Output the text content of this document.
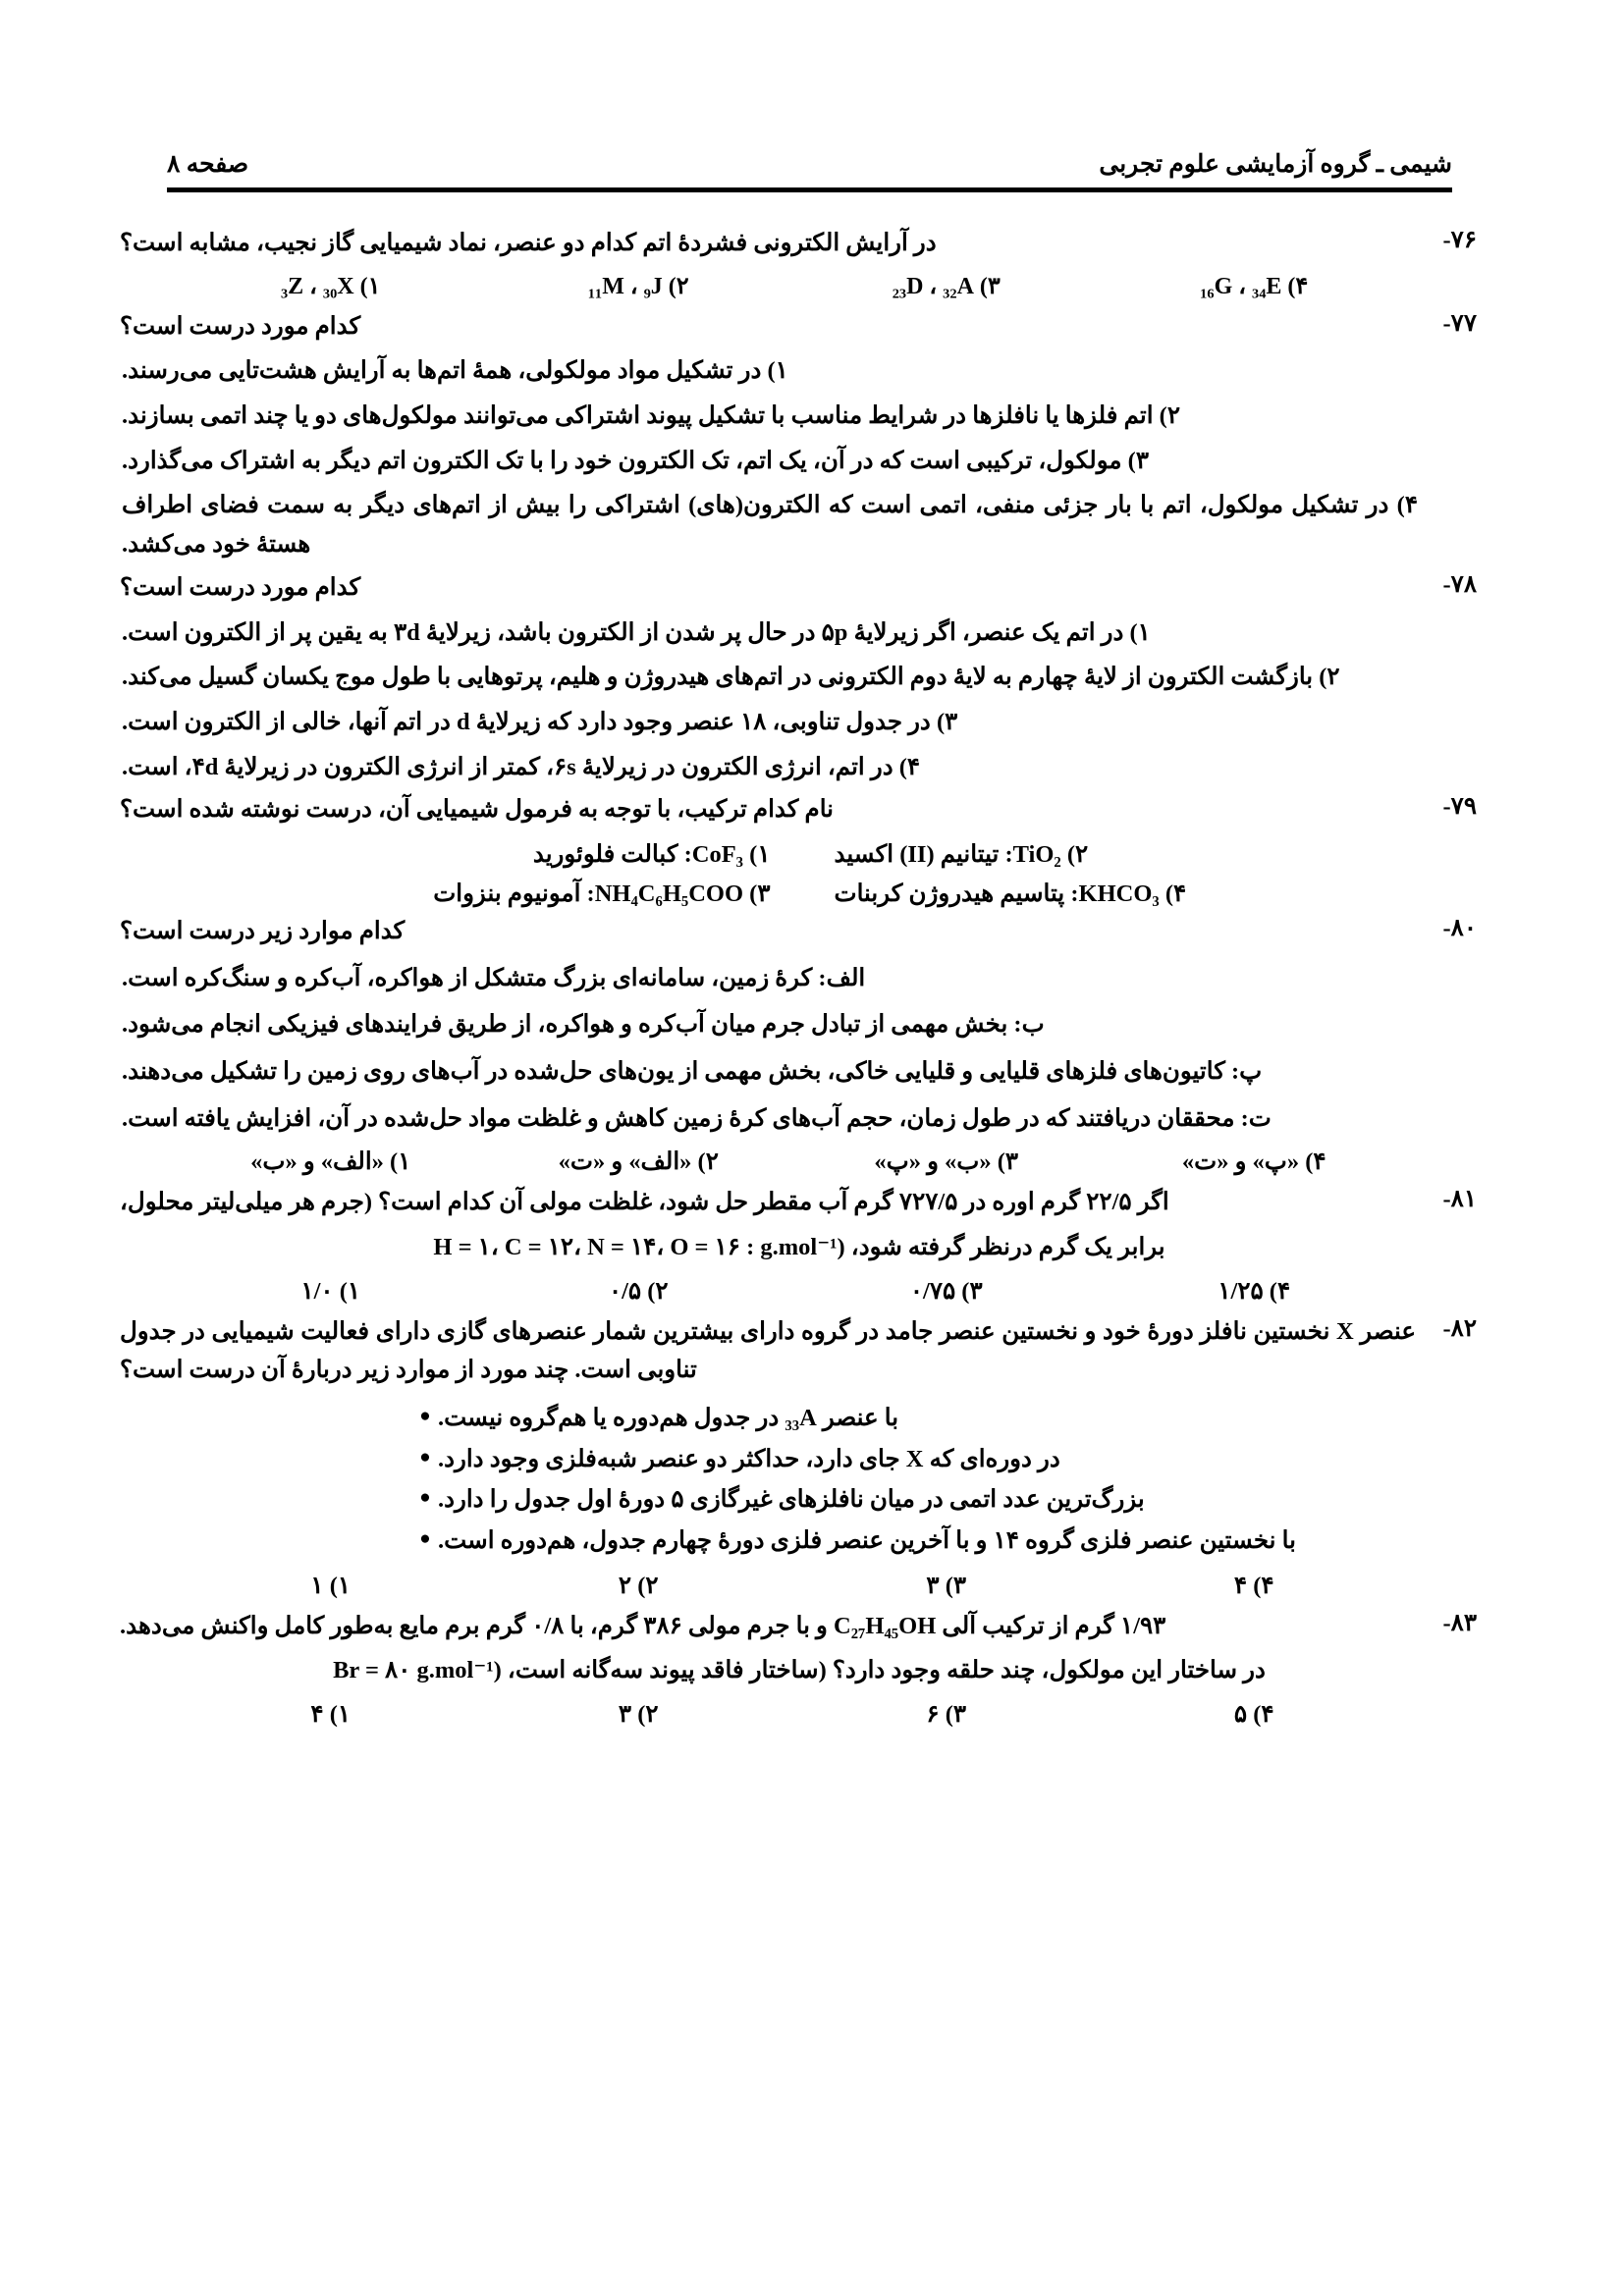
شیمی ـ گروه آزمایشی علوم تجربی
صفحه ۸
۷۶-
در آرایش الکترونی فشردهٔ اتم کدام دو عنصر، نماد شیمیایی گاز نجیب، مشابه است؟
۴) ₁₆G ، ₃₄E
۳) ₂₃D ، ₃₂A
۲) ₁₁M ، ₉J
۱) ₃Z ، ₃₀X
۷۷-
کدام مورد درست است؟
۱) در تشکیل مواد مولکولی، همهٔ اتم‌ها به آرایش هشت‌تایی می‌رسند.
۲) اتم فلزها یا نافلزها در شرایط مناسب با تشکیل پیوند اشتراکی می‌توانند مولکول‌های دو یا چند اتمی بسازند.
۳) مولکول، ترکیبی است که در آن، یک اتم، تک الکترون خود را با تک الکترون اتم دیگر به اشتراک می‌گذارد.
۴) در تشکیل مولکول، اتم با بار جزئی منفی، اتمی است که الکترون(های) اشتراکی را بیش از اتم‌های دیگر به سمت فضای اطراف هستهٔ خود می‌کشد.
۷۸-
کدام مورد درست است؟
۱) در اتم یک عنصر، اگر زیرلایهٔ ۵p در حال پر شدن از الکترون باشد، زیرلایهٔ ۳d به یقین پر از الکترون است.
۲) بازگشت الکترون از لایهٔ چهارم به لایهٔ دوم الکترونی در اتم‌های هیدروژن و هلیم، پرتوهایی با طول موج یکسان گسیل می‌کند.
۳) در جدول تناوبی، ۱۸ عنصر وجود دارد که زیرلایهٔ d در اتم آنها، خالی از الکترون است.
۴) در اتم، انرژی الکترون در زیرلایهٔ ۶s، کمتر از انرژی الکترون در زیرلایهٔ ۴d، است.
۷۹-
نام کدام ترکیب، با توجه به فرمول شیمیایی آن، درست نوشته شده است؟
۲) TiO₂: تیتانیم (II) اکسید
۱) CoF₃: کبالت فلوئورید
۴) KHCO₃: پتاسیم هیدروژن کربنات
۳) NH₄C₆H₅COO: آمونیوم بنزوات
۸۰-
کدام موارد زیر درست است؟
الف: کرهٔ زمین، سامانه‌ای بزرگ متشکل از هواکره، آب‌کره و سنگ‌کره است.
ب: بخش مهمی از تبادل جرم میان آب‌کره و هواکره، از طریق فرایندهای فیزیکی انجام می‌شود.
پ: کاتیون‌های فلزهای قلیایی و قلیایی خاکی، بخش مهمی از یون‌های حل‌شده در آب‌های روی زمین را تشکیل می‌دهند.
ت: محققان دریافتند که در طول زمان، حجم آب‌های کرهٔ زمین کاهش و غلظت مواد حل‌شده در آن، افزایش یافته است.
۴) «پ» و «ت»
۳) «ب» و «پ»
۲) «الف» و «ت»
۱) «الف» و «ب»
۸۱-
اگر ۲۲/۵ گرم اوره در ۷۲۷/۵ گرم آب مقطر حل شود، غلظت مولی آن کدام است؟ (جرم هر میلی‌لیتر محلول،
برابر یک گرم درنظر گرفته شود، (H = ۱، C = ۱۲، N = ۱۴، O = ۱۶ : g.mol⁻¹
۴) ۱/۲۵
۳) ۰/۷۵
۲) ۰/۵
۱) ۱/۰
۸۲-
عنصر X نخستین نافلز دورهٔ خود و نخستین عنصر جامد در گروه دارای بیشترین شمار عنصرهای گازی دارای فعالیت شیمیایی در جدول تناوبی است. چند مورد از موارد زیر دربارهٔ آن درست است؟
با عنصر ₃₃A در جدول هم‌دوره یا هم‌گروه نیست.
●
در دوره‌ای که X جای دارد، حداکثر دو عنصر شبه‌فلزی وجود دارد.
●
بزرگ‌ترین عدد اتمی در میان نافلزهای غیرگازی ۵ دورهٔ اول جدول را دارد.
●
با نخستین عنصر فلزی گروه ۱۴ و با آخرین عنصر فلزی دورهٔ چهارم جدول، هم‌دوره است.
●
۴) ۴
۳) ۳
۲) ۲
۱) ۱
۸۳-
۱/۹۳ گرم از ترکیب آلی C₂₇H₄₅OH و با جرم مولی ۳۸۶ گرم، با ۰/۸ گرم برم مایع به‌طور کامل واکنش می‌دهد.
در ساختار این مولکول، چند حلقه وجود دارد؟ (ساختار فاقد پیوند سه‌گانه است، (Br = ۸۰ g.mol⁻¹
۴) ۵
۳) ۶
۲) ۳
۱) ۴
